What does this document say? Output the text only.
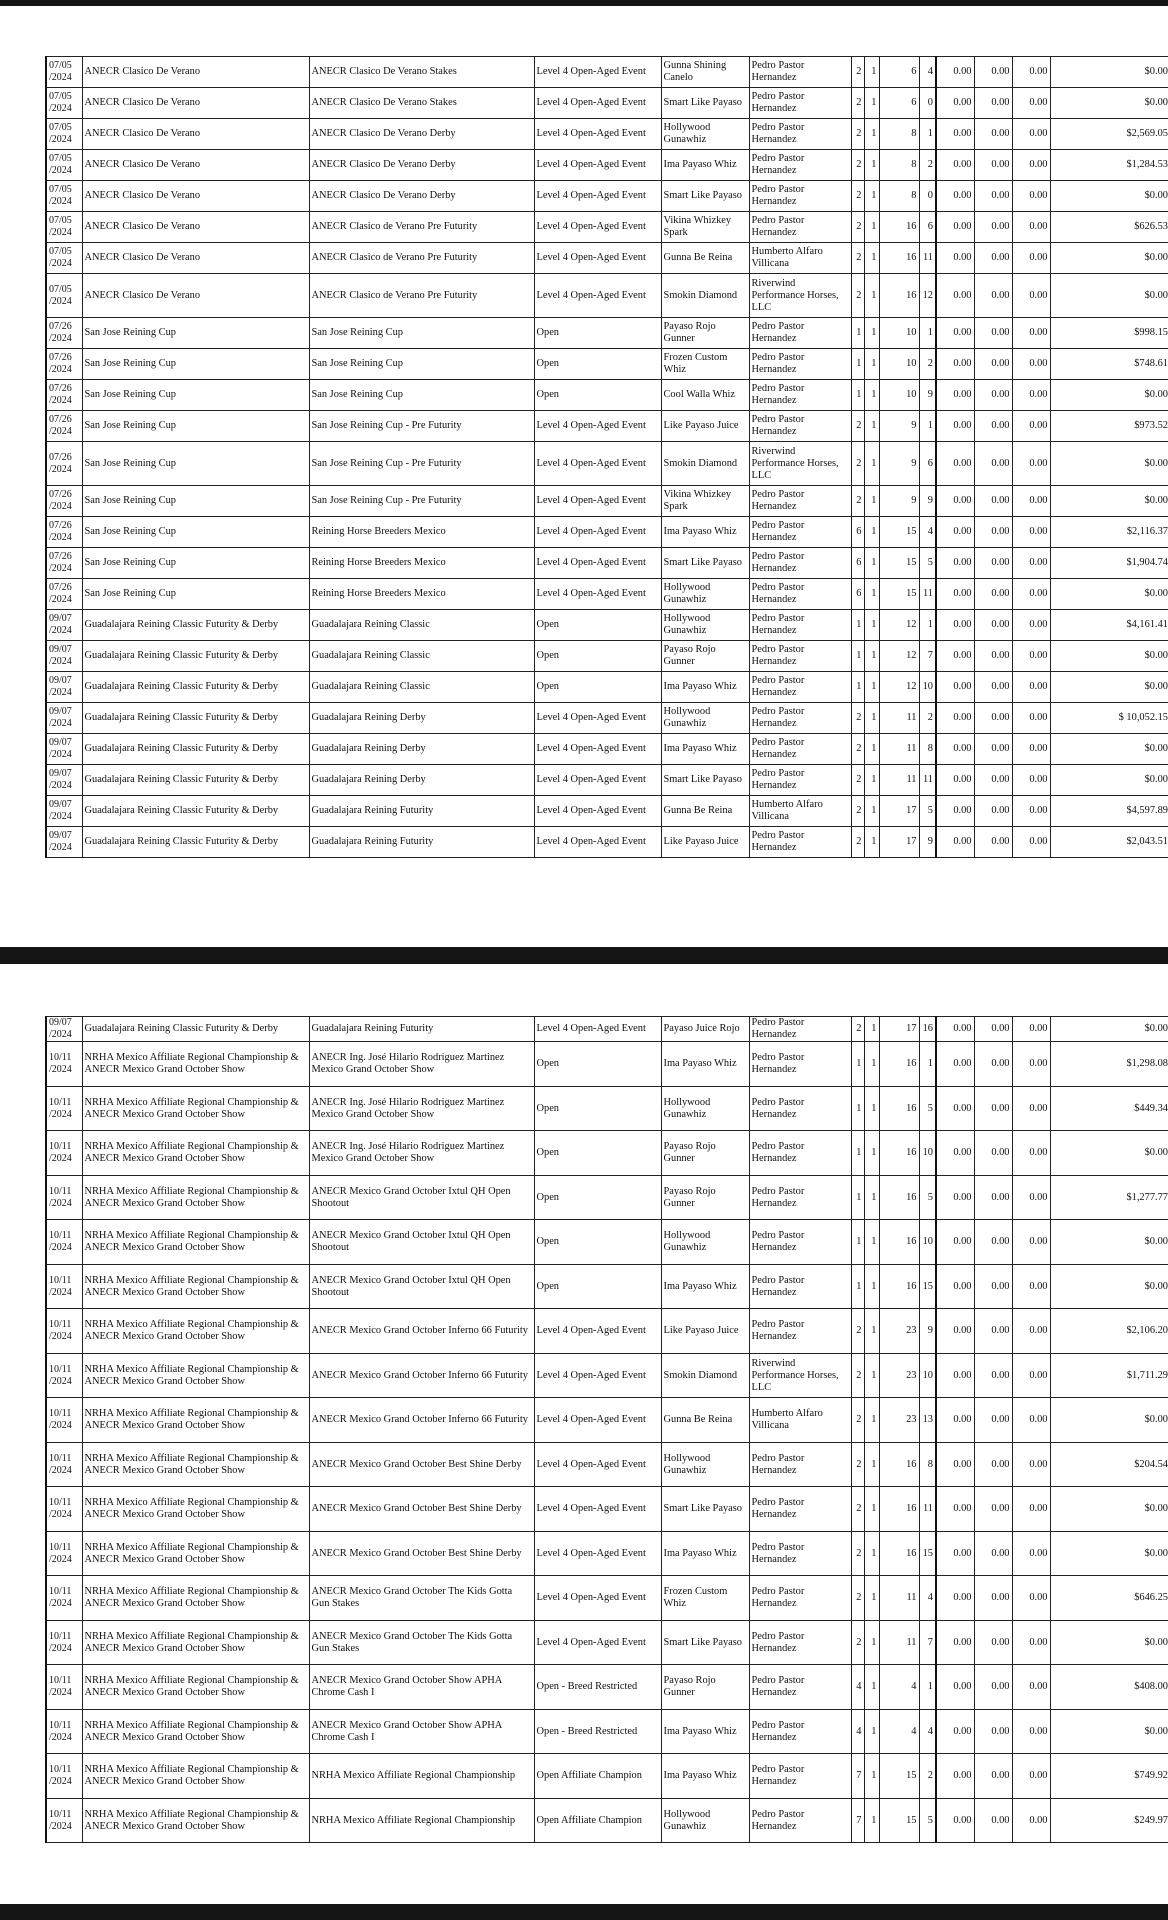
07/05 /2024	ANECR Clasico De Verano	ANECR Clasico De Verano Stakes	Level 4 Open-Aged Event	Gunna Shining Canelo	Pedro Pastor Hernandez	2	1	6	4	0.00	0.00	0.00	$0.00
07/05 /2024	ANECR Clasico De Verano	ANECR Clasico De Verano Stakes	Level 4 Open-Aged Event	Smart Like Payaso	Pedro Pastor Hernandez	2	1	6	0	0.00	0.00	0.00	$0.00
07/05 /2024	ANECR Clasico De Verano	ANECR Clasico De Verano Derby	Level 4 Open-Aged Event	Hollywood Gunawhiz	Pedro Pastor Hernandez	2	1	8	1	0.00	0.00	0.00	$2,569.05
07/05 /2024	ANECR Clasico De Verano	ANECR Clasico De Verano Derby	Level 4 Open-Aged Event	Ima Payaso Whiz	Pedro Pastor Hernandez	2	1	8	2	0.00	0.00	0.00	$1,284.53
07/05 /2024	ANECR Clasico De Verano	ANECR Clasico De Verano Derby	Level 4 Open-Aged Event	Smart Like Payaso	Pedro Pastor Hernandez	2	1	8	0	0.00	0.00	0.00	$0.00
07/05 /2024	ANECR Clasico De Verano	ANECR Clasico de Verano Pre Futurity	Level 4 Open-Aged Event	Vikina Whizkey Spark	Pedro Pastor Hernandez	2	1	16	6	0.00	0.00	0.00	$626.53
07/05 /2024	ANECR Clasico De Verano	ANECR Clasico de Verano Pre Futurity	Level 4 Open-Aged Event	Gunna Be Reina	Humberto Alfaro Villicana	2	1	16	11	0.00	0.00	0.00	$0.00
07/05 /2024	ANECR Clasico De Verano	ANECR Clasico de Verano Pre Futurity	Level 4 Open-Aged Event	Smokin Diamond	Riverwind Performance Horses, LLC	2	1	16	12	0.00	0.00	0.00	$0.00
07/26 /2024	San Jose Reining Cup	San Jose Reining Cup	Open	Payaso Rojo Gunner	Pedro Pastor Hernandez	1	1	10	1	0.00	0.00	0.00	$998.15
07/26 /2024	San Jose Reining Cup	San Jose Reining Cup	Open	Frozen Custom Whiz	Pedro Pastor Hernandez	1	1	10	2	0.00	0.00	0.00	$748.61
07/26 /2024	San Jose Reining Cup	San Jose Reining Cup	Open	Cool Walla Whiz	Pedro Pastor Hernandez	1	1	10	9	0.00	0.00	0.00	$0.00
07/26 /2024	San Jose Reining Cup	San Jose Reining Cup - Pre Futurity	Level 4 Open-Aged Event	Like Payaso Juice	Pedro Pastor Hernandez	2	1	9	1	0.00	0.00	0.00	$973.52
07/26 /2024	San Jose Reining Cup	San Jose Reining Cup - Pre Futurity	Level 4 Open-Aged Event	Smokin Diamond	Riverwind Performance Horses, LLC	2	1	9	6	0.00	0.00	0.00	$0.00
07/26 /2024	San Jose Reining Cup	San Jose Reining Cup - Pre Futurity	Level 4 Open-Aged Event	Vikina Whizkey Spark	Pedro Pastor Hernandez	2	1	9	9	0.00	0.00	0.00	$0.00
07/26 /2024	San Jose Reining Cup	Reining Horse Breeders Mexico	Level 4 Open-Aged Event	Ima Payaso Whiz	Pedro Pastor Hernandez	6	1	15	4	0.00	0.00	0.00	$2,116.37
07/26 /2024	San Jose Reining Cup	Reining Horse Breeders Mexico	Level 4 Open-Aged Event	Smart Like Payaso	Pedro Pastor Hernandez	6	1	15	5	0.00	0.00	0.00	$1,904.74
07/26 /2024	San Jose Reining Cup	Reining Horse Breeders Mexico	Level 4 Open-Aged Event	Hollywood Gunawhiz	Pedro Pastor Hernandez	6	1	15	11	0.00	0.00	0.00	$0.00
09/07 /2024	Guadalajara Reining Classic Futurity & Derby	Guadalajara Reining Classic	Open	Hollywood Gunawhiz	Pedro Pastor Hernandez	1	1	12	1	0.00	0.00	0.00	$4,161.41
09/07 /2024	Guadalajara Reining Classic Futurity & Derby	Guadalajara Reining Classic	Open	Payaso Rojo Gunner	Pedro Pastor Hernandez	1	1	12	7	0.00	0.00	0.00	$0.00
09/07 /2024	Guadalajara Reining Classic Futurity & Derby	Guadalajara Reining Classic	Open	Ima Payaso Whiz	Pedro Pastor Hernandez	1	1	12	10	0.00	0.00	0.00	$0.00
09/07 /2024	Guadalajara Reining Classic Futurity & Derby	Guadalajara Reining Derby	Level 4 Open-Aged Event	Hollywood Gunawhiz	Pedro Pastor Hernandez	2	1	11	2	0.00	0.00	0.00	$ 10,052.15
09/07 /2024	Guadalajara Reining Classic Futurity & Derby	Guadalajara Reining Derby	Level 4 Open-Aged Event	Ima Payaso Whiz	Pedro Pastor Hernandez	2	1	11	8	0.00	0.00	0.00	$0.00
09/07 /2024	Guadalajara Reining Classic Futurity & Derby	Guadalajara Reining Derby	Level 4 Open-Aged Event	Smart Like Payaso	Pedro Pastor Hernandez	2	1	11	11	0.00	0.00	0.00	$0.00
09/07 /2024	Guadalajara Reining Classic Futurity & Derby	Guadalajara Reining Futurity	Level 4 Open-Aged Event	Gunna Be Reina	Humberto Alfaro Villicana	2	1	17	5	0.00	0.00	0.00	$4,597.89
09/07 /2024	Guadalajara Reining Classic Futurity & Derby	Guadalajara Reining Futurity	Level 4 Open-Aged Event	Like Payaso Juice	Pedro Pastor Hernandez	2	1	17	9	0.00	0.00	0.00	$2,043.51
09/07 /2024	Guadalajara Reining Classic Futurity & Derby	Guadalajara Reining Futurity	Level 4 Open-Aged Event	Payaso Juice Rojo	Pedro Pastor Hernandez	2	1	17	16	0.00	0.00	0.00	$0.00
10/11 /2024	NRHA Mexico Affiliate Regional Championship & ANECR Mexico Grand October Show	ANECR Ing. José Hilario Rodriguez Martinez Mexico Grand October Show	Open	Ima Payaso Whiz	Pedro Pastor Hernandez	1	1	16	1	0.00	0.00	0.00	$1,298.08
10/11 /2024	NRHA Mexico Affiliate Regional Championship & ANECR Mexico Grand October Show	ANECR Ing. José Hilario Rodriguez Martinez Mexico Grand October Show	Open	Hollywood Gunawhiz	Pedro Pastor Hernandez	1	1	16	5	0.00	0.00	0.00	$449.34
10/11 /2024	NRHA Mexico Affiliate Regional Championship & ANECR Mexico Grand October Show	ANECR Ing. José Hilario Rodriguez Martinez Mexico Grand October Show	Open	Payaso Rojo Gunner	Pedro Pastor Hernandez	1	1	16	10	0.00	0.00	0.00	$0.00
10/11 /2024	NRHA Mexico Affiliate Regional Championship & ANECR Mexico Grand October Show	ANECR Mexico Grand October Ixtul QH Open Shootout	Open	Payaso Rojo Gunner	Pedro Pastor Hernandez	1	1	16	5	0.00	0.00	0.00	$1,277.77
10/11 /2024	NRHA Mexico Affiliate Regional Championship & ANECR Mexico Grand October Show	ANECR Mexico Grand October Ixtul QH Open Shootout	Open	Hollywood Gunawhiz	Pedro Pastor Hernandez	1	1	16	10	0.00	0.00	0.00	$0.00
10/11 /2024	NRHA Mexico Affiliate Regional Championship & ANECR Mexico Grand October Show	ANECR Mexico Grand October Ixtul QH Open Shootout	Open	Ima Payaso Whiz	Pedro Pastor Hernandez	1	1	16	15	0.00	0.00	0.00	$0.00
10/11 /2024	NRHA Mexico Affiliate Regional Championship & ANECR Mexico Grand October Show	ANECR Mexico Grand October Inferno 66 Futurity	Level 4 Open-Aged Event	Like Payaso Juice	Pedro Pastor Hernandez	2	1	23	9	0.00	0.00	0.00	$2,106.20
10/11 /2024	NRHA Mexico Affiliate Regional Championship & ANECR Mexico Grand October Show	ANECR Mexico Grand October Inferno 66 Futurity	Level 4 Open-Aged Event	Smokin Diamond	Riverwind Performance Horses, LLC	2	1	23	10	0.00	0.00	0.00	$1,711.29
10/11 /2024	NRHA Mexico Affiliate Regional Championship & ANECR Mexico Grand October Show	ANECR Mexico Grand October Inferno 66 Futurity	Level 4 Open-Aged Event	Gunna Be Reina	Humberto Alfaro Villicana	2	1	23	13	0.00	0.00	0.00	$0.00
10/11 /2024	NRHA Mexico Affiliate Regional Championship & ANECR Mexico Grand October Show	ANECR Mexico Grand October Best Shine Derby	Level 4 Open-Aged Event	Hollywood Gunawhiz	Pedro Pastor Hernandez	2	1	16	8	0.00	0.00	0.00	$204.54
10/11 /2024	NRHA Mexico Affiliate Regional Championship & ANECR Mexico Grand October Show	ANECR Mexico Grand October Best Shine Derby	Level 4 Open-Aged Event	Smart Like Payaso	Pedro Pastor Hernandez	2	1	16	11	0.00	0.00	0.00	$0.00
10/11 /2024	NRHA Mexico Affiliate Regional Championship & ANECR Mexico Grand October Show	ANECR Mexico Grand October Best Shine Derby	Level 4 Open-Aged Event	Ima Payaso Whiz	Pedro Pastor Hernandez	2	1	16	15	0.00	0.00	0.00	$0.00
10/11 /2024	NRHA Mexico Affiliate Regional Championship & ANECR Mexico Grand October Show	ANECR Mexico Grand October The Kids Gotta Gun Stakes	Level 4 Open-Aged Event	Frozen Custom Whiz	Pedro Pastor Hernandez	2	1	11	4	0.00	0.00	0.00	$646.25
10/11 /2024	NRHA Mexico Affiliate Regional Championship & ANECR Mexico Grand October Show	ANECR Mexico Grand October The Kids Gotta Gun Stakes	Level 4 Open-Aged Event	Smart Like Payaso	Pedro Pastor Hernandez	2	1	11	7	0.00	0.00	0.00	$0.00
10/11 /2024	NRHA Mexico Affiliate Regional Championship & ANECR Mexico Grand October Show	ANECR Mexico Grand October Show APHA Chrome Cash I	Open - Breed Restricted	Payaso Rojo Gunner	Pedro Pastor Hernandez	4	1	4	1	0.00	0.00	0.00	$408.00
10/11 /2024	NRHA Mexico Affiliate Regional Championship & ANECR Mexico Grand October Show	ANECR Mexico Grand October Show APHA Chrome Cash I	Open - Breed Restricted	Ima Payaso Whiz	Pedro Pastor Hernandez	4	1	4	4	0.00	0.00	0.00	$0.00
10/11 /2024	NRHA Mexico Affiliate Regional Championship & ANECR Mexico Grand October Show	NRHA Mexico Affiliate Regional Championship	Open Affiliate Champion	Ima Payaso Whiz	Pedro Pastor Hernandez	7	1	15	2	0.00	0.00	0.00	$749.92
10/11 /2024	NRHA Mexico Affiliate Regional Championship & ANECR Mexico Grand October Show	NRHA Mexico Affiliate Regional Championship	Open Affiliate Champion	Hollywood Gunawhiz	Pedro Pastor Hernandez	7	1	15	5	0.00	0.00	0.00	$249.97
